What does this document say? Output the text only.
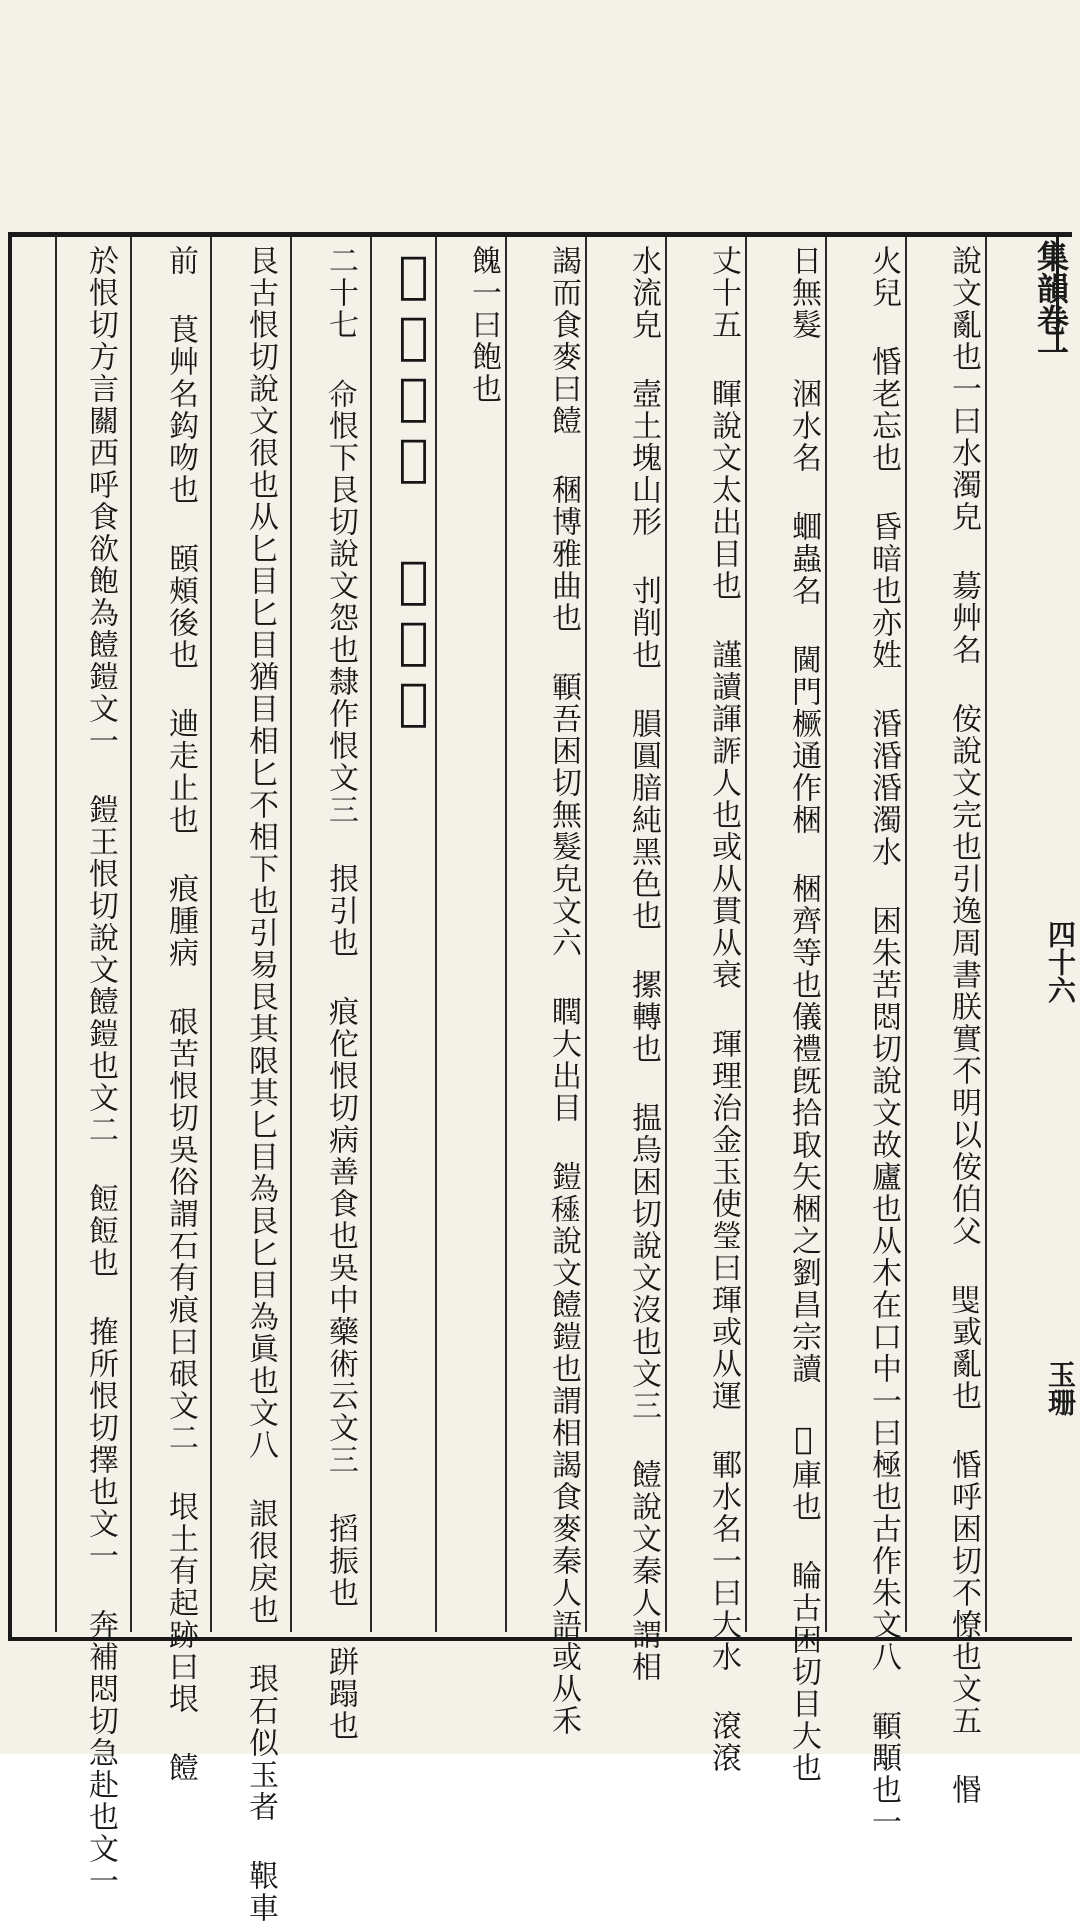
集韻卷一
四十六
玉珊
說文亂也一曰水濁皃 𦳝艸名 侒說文完也引逸周書朕實不明以侒伯父 𢧮戜亂也 惛呼困切不憭也文五 惽
火兒 惛老忘也 昏暗也亦姓 涽涽涽濁水 困朱苦悶切說文故廬也从木在口中一曰極也古作朱文八 顐顒也一
日無髮 涃水名 蜖蟲名 閫門橛通作梱 梱齊等也儀禮旣拾取矢梱之劉昌宗讀 𡨕庫也 睔古困切目大也
丈十五 睴說文太出目也 謹讀諢𧨊人也或从貫从衰 琿理治金玉使瑩曰琿或从運 鄆水名一曰大水 滾滾
水流皃 壼土塊山形 刌削也 䐣圓腤純黑色也 摞轉也 揾烏困切說文沒也文三 饐說文秦人謂相
謁而食麥曰饐 稛博雅曲也 顐吾困切無髮皃文六 瞤大出目 鎧𥢰說文饐鎧也謂相謁食麥秦人語或从禾
餽一曰飽也
𢵡元戲也 諢弄言
二十七 𢘈恨下艮切說文怨也隸作恨文三 拫引也 痕佗恨切病善食也吳中藥術云文三 搯振也 跰蹋也
艮古恨切說文很也从匕目匕目猶目相匕不相下也引易艮其限其匕目為艮匕目為眞也文八 詪很戾也 珢石似玉者 鞎車
前 茛艸名鈎吻也 頣頰後也 䢗走止也 痕腫病 硍苦恨切吳俗謂石有痕曰硍文二 垠土有起跡曰垠 饐
於恨切方言關西呼食欲飽為饐鎧文一 鎧王恨切說文饐鎧也文二 餖餖也 搉所恨切擇也文一 奔補悶切急赴也文一
